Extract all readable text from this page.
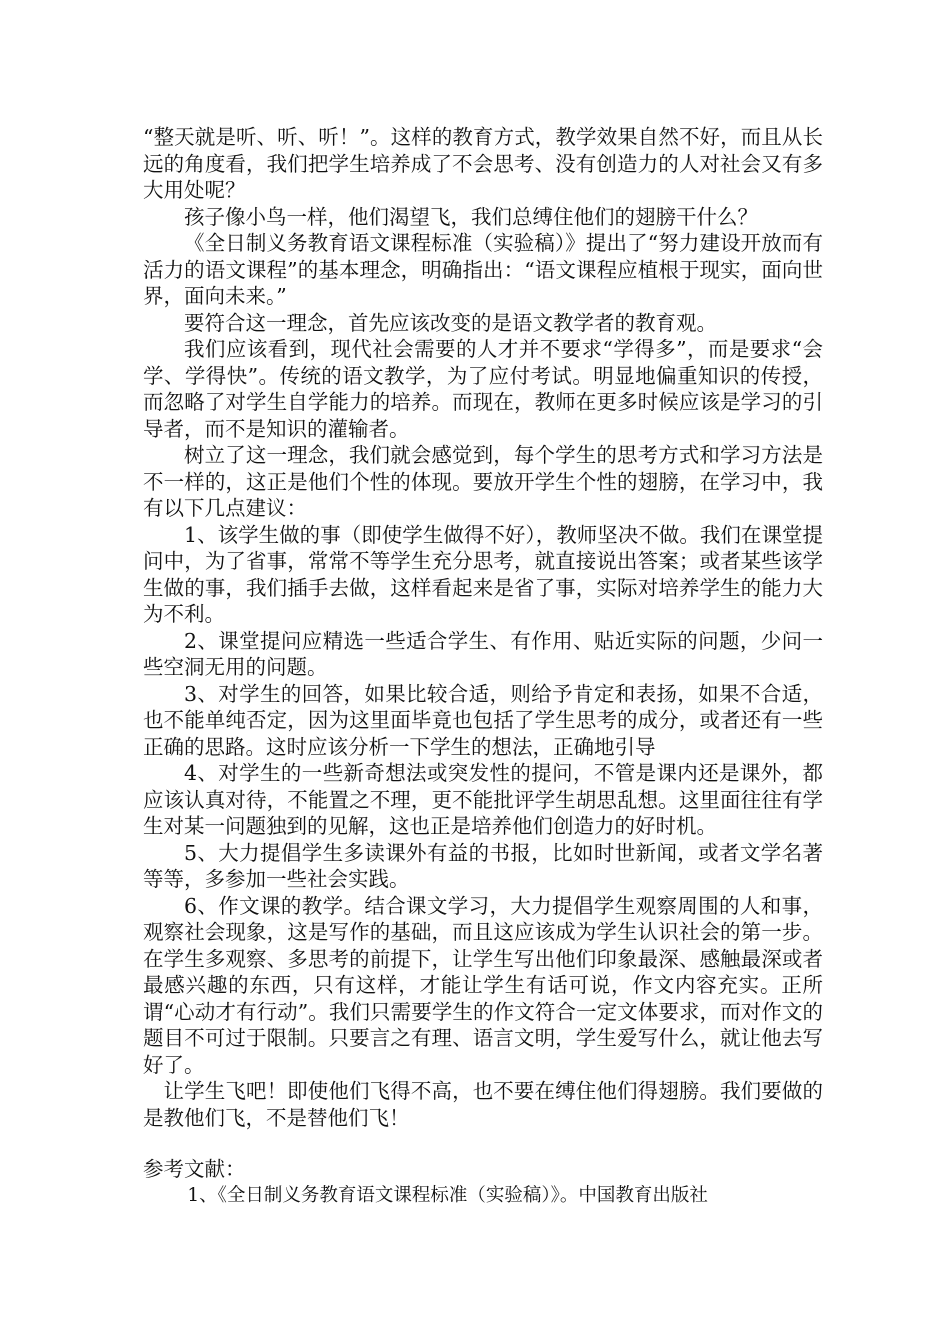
“整天就是听、听、听！”。这样的教育方式，教学效果自然不好，而且从长远的角度看，我们把学生培养成了不会思考、没有创造力的人对社会又有多大用处呢？

孩子像小鸟一样，他们渴望飞，我们总缚住他们的翅膀干什么？

《全日制义务教育语文课程标准（实验稿）》提出了“努力建设开放而有活力的语文课程”的基本理念，明确指出：“语文课程应植根于现实，面向世界，面向未来。”

要符合这一理念，首先应该改变的是语文教学者的教育观。

我们应该看到，现代社会需要的人才并不要求“学得多”，而是要求“会学、学得快”。传统的语文教学，为了应付考试。明显地偏重知识的传授，而忽略了对学生自学能力的培养。而现在，教师在更多时候应该是学习的引导者，而不是知识的灌输者。

树立了这一理念，我们就会感觉到，每个学生的思考方式和学习方法是不一样的，这正是他们个性的体现。要放开学生个性的翅膀，在学习中，我有以下几点建议：

1、该学生做的事（即使学生做得不好），教师坚决不做。我们在课堂提问中，为了省事，常常不等学生充分思考，就直接说出答案；或者某些该学生做的事，我们插手去做，这样看起来是省了事，实际对培养学生的能力大为不利。

2、课堂提问应精选一些适合学生、有作用、贴近实际的问题，少问一些空洞无用的问题。

3、对学生的回答，如果比较合适，则给予肯定和表扬，如果不合适，也不能单纯否定，因为这里面毕竟也包括了学生思考的成分，或者还有一些正确的思路。这时应该分析一下学生的想法，正确地引导

4、对学生的一些新奇想法或突发性的提问，不管是课内还是课外，都应该认真对待，不能置之不理，更不能批评学生胡思乱想。这里面往往有学生对某一问题独到的见解，这也正是培养他们创造力的好时机。

5、大力提倡学生多读课外有益的书报，比如时世新闻，或者文学名著等等，多参加一些社会实践。

6、作文课的教学。结合课文学习，大力提倡学生观察周围的人和事，观察社会现象，这是写作的基础，而且这应该成为学生认识社会的第一步。在学生多观察、多思考的前提下，让学生写出他们印象最深、感触最深或者最感兴趣的东西，只有这样，才能让学生有话可说，作文内容充实。正所谓“心动才有行动”。我们只需要学生的作文符合一定文体要求，而对作文的题目不可过于限制。只要言之有理、语言文明，学生爱写什么，就让他去写好了。

让学生飞吧！即使他们飞得不高，也不要在缚住他们得翅膀。我们要做的是教他们飞，不是替他们飞！

参考文献：

1、《全日制义务教育语文课程标准（实验稿）》。中国教育出版社
